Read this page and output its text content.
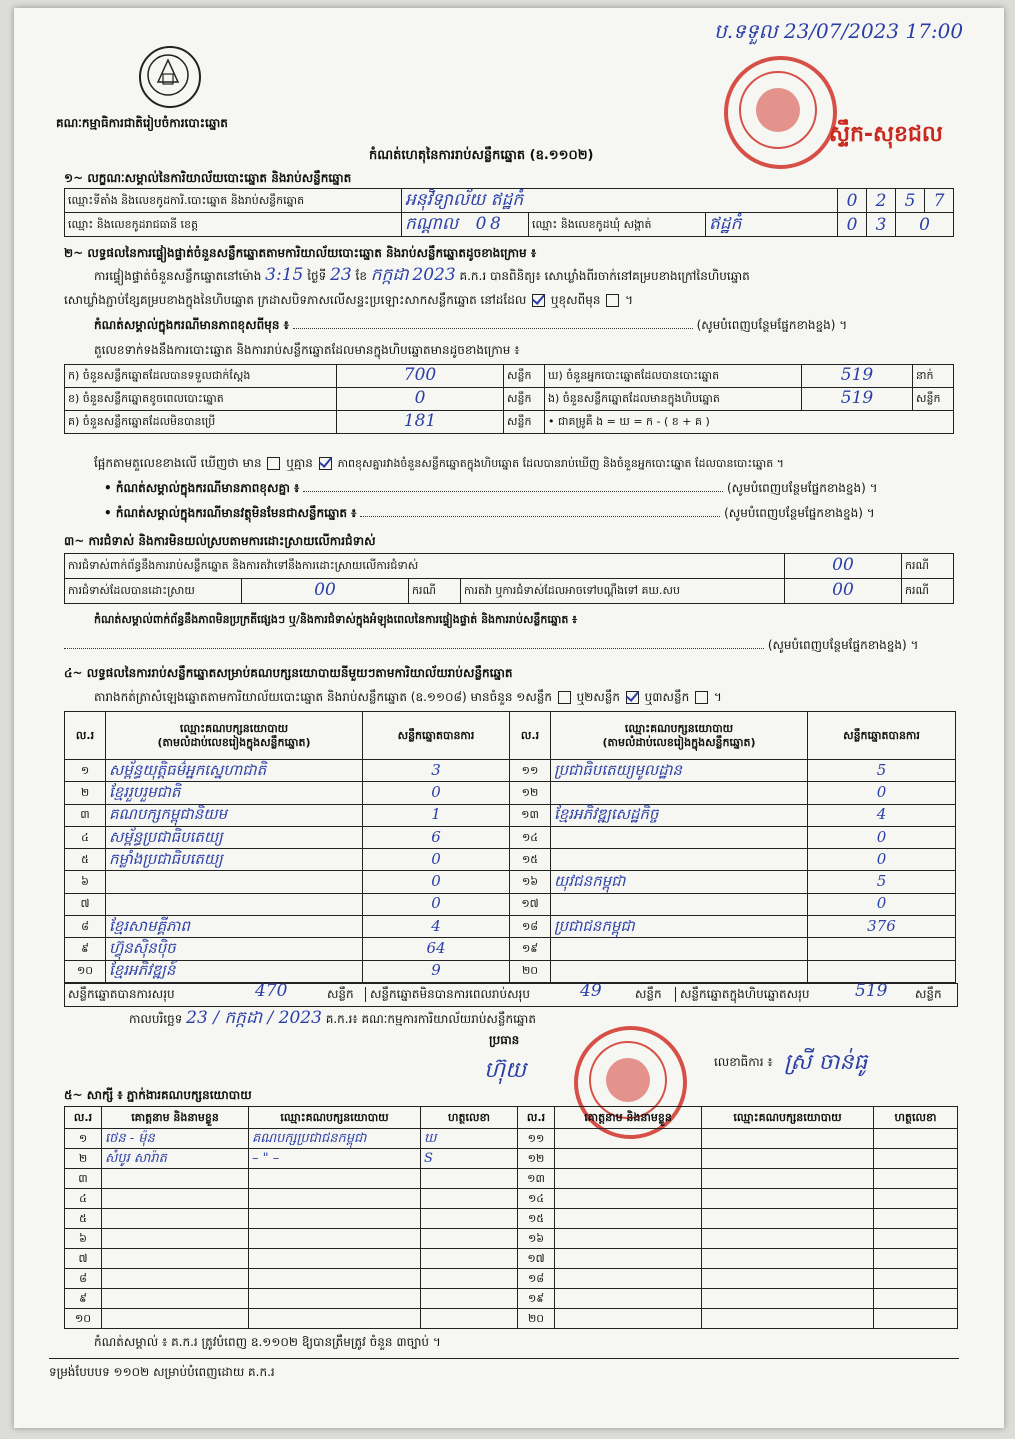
គណៈកម្មាធិការជាតិរៀបចំការបោះឆ្នោត
ប.ទទួល 23/07/2023 17:00
ស្ទឹក-សុខជល
កំណត់ហេតុនៃការរាប់សន្លឹកឆ្នោត (ឧ.១១០២)
១~ លក្ខណៈសម្គាល់នៃការិយាល័យបោះឆ្នោត និងរាប់សន្លឹកឆ្នោត
ឈ្មោះទីតាំង និងលេខកូដការិ.បោះឆ្នោត និងរាប់សន្លឹកឆ្នោត	អនុវិទ្យាល័យ ឥដ្ឋកំ			0	2	5	7
ឈ្មោះ និងលេខកូដរាជធានី ខេត្ត	កណ្ដាល 0 8	ឈ្មោះ និងលេខកូដឃុំ សង្កាត់	ឥដ្ឋកំ	0	3	0	
២~ លទ្ធផលនៃការផ្ទៀងផ្ទាត់ចំនួនសន្លឹកឆ្នោតតាមការិយាល័យបោះឆ្នោត និងរាប់សន្លឹកឆ្នោតដូចខាងក្រោម ៖
ការផ្ទៀងផ្ទាត់ចំនួនសន្លឹកឆ្នោតនៅម៉ោង 3:15 ថ្ងៃទី 23 ខែ កក្កដា 2023 គ.ក.រ បានពិនិត្យ៖ សោឃ្លាំងពីរចាក់នៅគម្របខាងក្រៅនៃហិបឆ្នោត
សោឃ្លាំងភ្ជាប់ខ្សែគម្របខាងក្នុងនៃហិបឆ្នោត ក្រដាសបិទភាសលើសន្ទះប្រឡោះសាកសន្លឹកឆ្នោត នៅដដែល ឬខុសពីមុន  ។
កំណត់សម្គាល់ក្នុងករណីមានភាពខុសពីមុន ៖	(សូមបំពេញបន្ថែមផ្នែកខាងខ្នង) ។
តួលេខទាក់ទងនឹងការបោះឆ្នោត និងការរាប់សន្លឹកឆ្នោតដែលមានក្នុងហិបឆ្នោតមានដូចខាងក្រោម ៖
ក) ចំនួនសន្លឹកឆ្នោតដែលបានទទួលជាក់ស្ដែង	700	សន្លឹក	ឃ) ចំនួនអ្នកបោះឆ្នោតដែលបានបោះឆ្នោត	519	នាក់
ខ) ចំនួនសន្លឹកឆ្នោតខូចពេលបោះឆ្នោត	0	សន្លឹក	ង) ចំនួនសន្លឹកឆ្នោតដែលមានក្នុងហិបឆ្នោត	519	សន្លឹក
គ) ចំនួនសន្លឹកឆ្នោតដែលមិនបានប្រើ	181	សន្លឹក	• ជាគម្រូគឺ ង = ឃ = ក - ( ខ + គ )		
ផ្អែកតាមតួលេខខាងលើ ឃើញថា មាន ឬគ្មាន ភាពខុសគ្នារវាងចំនួនសន្លឹកឆ្នោតក្នុងហិបឆ្នោត ដែលបានរាប់ឃើញ និងចំនួនអ្នកបោះឆ្នោត ដែលបានបោះឆ្នោត ។
• កំណត់សម្គាល់ក្នុងករណីមានភាពខុសគ្នា ៖	(សូមបំពេញបន្ថែមផ្នែកខាងខ្នង) ។
• កំណត់សម្គាល់ក្នុងករណីមានវត្ថុមិនមែនជាសន្លឹកឆ្នោត ៖	(សូមបំពេញបន្ថែមផ្នែកខាងខ្នង) ។
៣~ ការជំទាស់ និងការមិនយល់ស្របតាមការដោះស្រាយលើការជំទាស់
ការជំទាស់ពាក់ព័ន្ធនឹងការរាប់សន្លឹកឆ្នោត និងការតវ៉ាទៅនឹងការដោះស្រាយលើការជំទាស់				00	ករណី
ការជំទាស់ដែលបានដោះស្រាយ	00	ករណី	ការតវ៉ា ឬការជំទាស់ដែលអាចទៅបណ្ដឹងទៅ គឃ.សប	00	ករណី
កំណត់សម្គាល់ពាក់ព័ន្ធនឹងភាពមិនប្រក្រតីផ្សេងៗ ឬ/និងការជំទាស់ក្នុងអំឡុងពេលនៃការផ្ទៀងផ្ទាត់ និងការរាប់សន្លឹកឆ្នោត ៖
(សូមបំពេញបន្ថែមផ្នែកខាងខ្នង) ។
៤~ លទ្ធផលនៃការរាប់សន្លឹកឆ្នោតសម្រាប់គណបក្សនយោបាយនីមួយៗតាមការិយាល័យរាប់សន្លឹកឆ្នោត
តារាងកត់ត្រាសំឡេងឆ្នោតតាមការិយាល័យបោះឆ្នោត និងរាប់សន្លឹកឆ្នោត (ឧ.១១០៨) មានចំនួន ១សន្លឹក ឬ២សន្លឹក ឬ៣សន្លឹក  ។
ល.រ	ឈ្មោះគណបក្សនយោបាយ
(តាមលំដាប់លេខរៀងក្នុងសន្លឹកឆ្នោត)	សន្លឹកឆ្នោតបានការ	ល.រ	ឈ្មោះគណបក្សនយោបាយ
(តាមលំដាប់លេខរៀងក្នុងសន្លឹកឆ្នោត)	សន្លឹកឆ្នោតបានការ
១	សម្ព័ន្ធយុត្តិធម៌អ្នកស្នេហាជាតិ	3	១១	ប្រជាធិបតេយ្យមូលដ្ឋាន	5
២	ខ្មែររួបរួមជាតិ	0	១២		0
៣	គណបក្សកម្ពុជានិយម	1	១៣	ខ្មែរអភិវឌ្ឍសេដ្ឋកិច្ច	4
៤	សម្ព័ន្ធប្រជាធិបតេយ្យ	6	១៤		0
៥	កម្លាំងប្រជាធិបតេយ្យ	0	១៥		0
៦		0	១៦	យុវជនកម្ពុជា	5
៧		0	១៧		0
៨	ខ្មែរសាមគ្គីភាព	4	១៨	ប្រជាជនកម្ពុជា	376
៩	ហ៊្វុនស៊ិនប៉ិច	64	១៩		
១០	ខ្មែរអភិវឌ្ឍន៍	9	២០		
សន្លឹកឆ្នោតបានការសរុប	470	សន្លឹក	សន្លឹកឆ្នោតមិនបានការពេលរាប់សរុប	49	សន្លឹក	សន្លឹកឆ្នោតក្នុងហិបឆ្នោតសរុប	519 សន្លឹក
កាលបរិច្ឆេទ 23 / កក្កដា / 2023 គ.ក.រ៖ គណៈកម្មការការិយាល័យរាប់សន្លឹកឆ្នោត
ប្រធាន
ហ៊ុយ	លេខាធិការ ៖ ស្រី ចាន់ធូ
៥~ សាក្សី ៖ ភ្នាក់ងារគណបក្សនយោបាយ
ល.រ	គោត្តនាម និងនាមខ្លួន	ឈ្មោះគណបក្សនយោបាយ	ហត្ថលេខា	ល.រ	គោត្តនាម និងនាមខ្លួន	ឈ្មោះគណបក្សនយោបាយ	ហត្ថលេខា
១	ថេន - ម៉ុន	គណបក្សប្រជាជនកម្ពុជា	ឃ	១១			
២	សំបូរ សារ៉ាត	– " –	S	១២			
៣				១៣			
៤				១៤			
៥				១៥			
៦				១៦			
៧				១៧			
៨				១៨			
៩				១៩			
១០				២០			
កំណត់សម្គាល់ ៖ គ.ក.រ ត្រូវបំពេញ ឧ.១១០២ ឱ្យបានត្រឹមត្រូវ ចំនួន ៣ច្បាប់ ។
ទម្រង់បែបបទ ១១០២ សម្រាប់បំពេញដោយ គ.ក.រ
